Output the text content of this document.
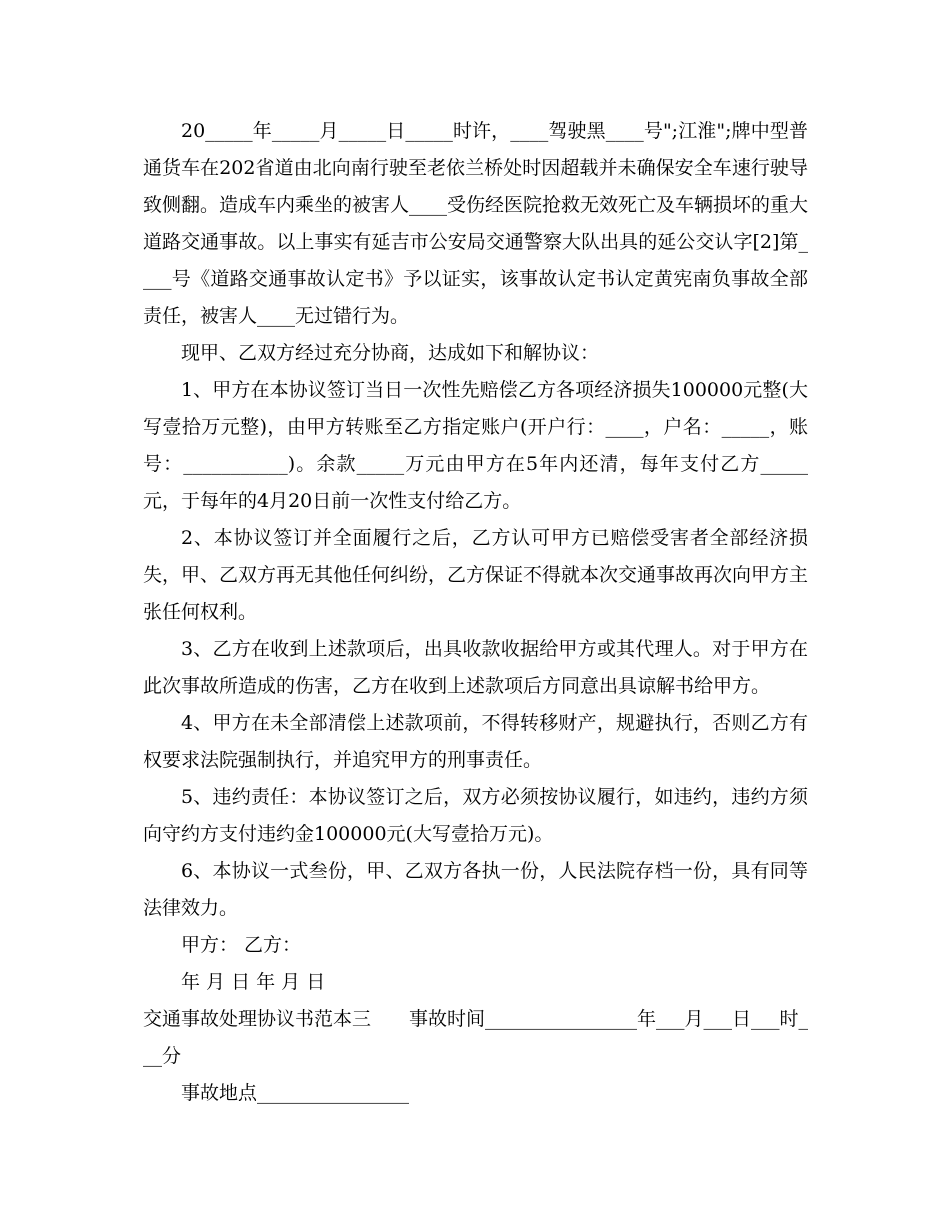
20_____年_____月_____日_____时许，____驾驶黑____号";江淮";牌中型普通货车在202省道由北向南行驶至老依兰桥处时因超载并未确保安全车速行驶导致侧翻。造成车内乘坐的被害人____受伤经医院抢救无效死亡及车辆损坏的重大道路交通事故。以上事实有延吉市公安局交通警察大队出具的延公交认字[2]第____号《道路交通事故认定书》予以证实，该事故认定书认定黄宪南负事故全部责任，被害人____无过错行为。

现甲、乙双方经过充分协商，达成如下和解协议：

1、甲方在本协议签订当日一次性先赔偿乙方各项经济损失100000元整(大写壹拾万元整)，由甲方转账至乙方指定账户(开户行：____，户名：_____，账号：___________)。余款_____万元由甲方在5年内还清，每年支付乙方_____元，于每年的4月20日前一次性支付给乙方。

2、本协议签订并全面履行之后，乙方认可甲方已赔偿受害者全部经济损失，甲、乙双方再无其他任何纠纷，乙方保证不得就本次交通事故再次向甲方主张任何权利。

3、乙方在收到上述款项后，出具收款收据给甲方或其代理人。对于甲方在此次事故所造成的伤害，乙方在收到上述款项后方同意出具谅解书给甲方。

4、甲方在未全部清偿上述款项前，不得转移财产，规避执行，否则乙方有权要求法院强制执行，并追究甲方的刑事责任。

5、违约责任：本协议签订之后，双方必须按协议履行，如违约，违约方须向守约方支付违约金100000元(大写壹拾万元)。

6、本协议一式叁份，甲、乙双方各执一份，人民法院存档一份，具有同等法律效力。

甲方： 乙方：

年 月 日 年 月 日

交通事故处理协议书范本三　　事故时间________________年___月___日___时___分

事故地点________________
